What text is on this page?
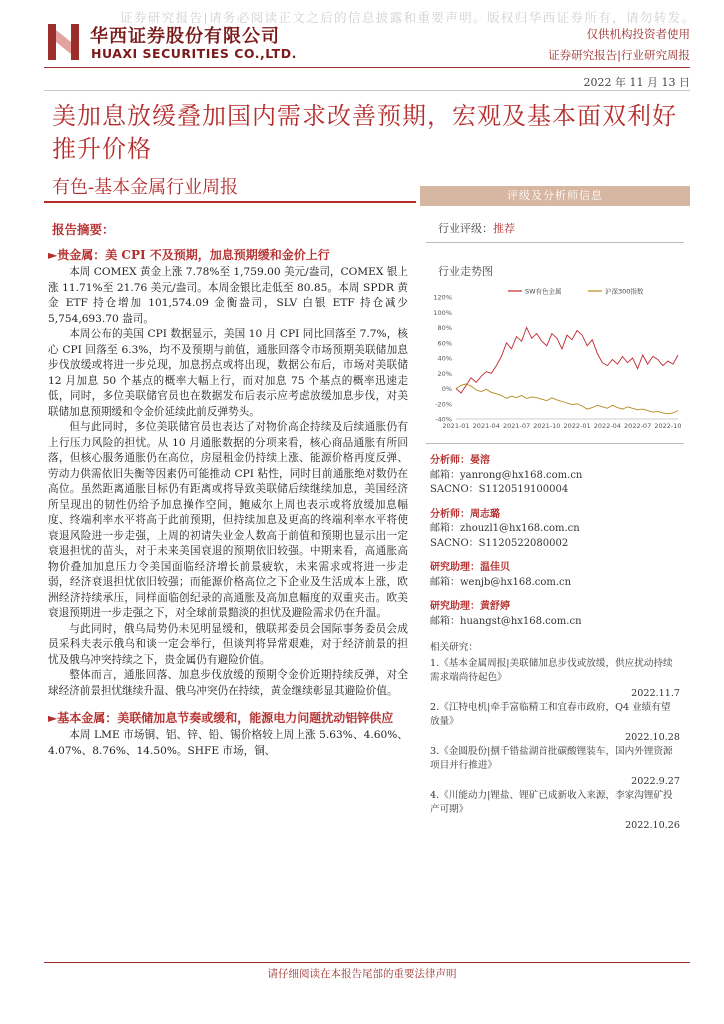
证券研究报告|请务必阅读正文之后的信息披露和重要声明。版权归华西证券所有，请勿转发。
华西证券股份有限公司
HUAXI SECURITIES CO.,LTD.
仅供机构投资者使用
证券研究报告|行业研究周报
2022 年 11 月 13 日
美加息放缓叠加国内需求改善预期，宏观及基本面双利好推升价格
有色-基本金属行业周报
报告摘要：
►贵金属：美 CPI 不及预期，加息预期缓和金价上行

本周 COMEX 黄金上涨 7.78%至 1,759.00 美元/盎司，COMEX 银上涨 11.71%至 21.76 美元/盎司。本周金银比走低至 80.85。本周 SPDR 黄金 ETF 持仓增加 101,574.09 金衡盎司，SLV 白银 ETF 持仓减少 5,754,693.70 盎司。

本周公布的美国 CPI 数据显示，美国 10 月 CPI 同比回落至 7.7%，核心 CPI 回落至 6.3%，均不及预期与前值，通胀回落令市场预期美联储加息步伐放缓或将进一步兑现，加息拐点或将出现，数据公布后，市场对美联储 12 月加息 50 个基点的概率大幅上行，而对加息 75 个基点的概率迅速走低，同时，多位美联储官员也在数据发布后表示应考虑放缓加息步伐，对美联储加息预期缓和令金价延续此前反弹势头。

但与此同时，多位美联储官员也表达了对物价高企持续及后续通胀仍有上行压力风险的担忧。从 10 月通胀数据的分项来看，核心商品通胀有所回落，但核心服务通胀仍在高位，房屋租金仍持续上涨、能源价格再度反弹、劳动力供需依旧失衡等因素仍可能推动 CPI 粘性，同时目前通胀绝对数仍在高位。虽然距离通胀目标仍有距离或将导致美联储后续继续加息，美国经济所呈现出的韧性仍给予加息操作空间，鲍威尔上周也表示或将放缓加息幅度、终端利率水平将高于此前预期，但持续加息及更高的终端利率水平将使衰退风险进一步走强，上周的初请失业金人数高于前值和预期也显示出一定衰退担忧的苗头，对于未来美国衰退的预期依旧较强。中期来看，高通胀高物价叠加加息压力令美国面临经济增长前景疲软，未来需求或将进一步走弱，经济衰退担忧依旧较强；而能源价格高位之下企业及生活成本上涨，欧洲经济持续承压，同样面临创纪录的高通胀及高加息幅度的双重夹击。欧美衰退预期进一步走强之下，对全球前景黯淡的担忧及避险需求仍在升温。

与此同时，俄乌局势仍未见明显缓和，俄联邦委员会国际事务委员会成员采科夫表示俄乌和谈一定会举行，但谈判将异常艰难，对于经济前景的担忧及俄乌冲突持续之下，贵金属仍有避险价值。

整体而言，通胀回落、加息步伐放缓的预期令金价近期持续反弹，对全球经济前景担忧继续升温、俄乌冲突仍在持续，黄金继续彰显其避险价值。

►基本金属：美联储加息节奏或缓和，能源电力问题扰动铝锌供应

本周 LME 市场铜、铝、锌、铅、锡价格较上周上涨 5.63%、4.60%、4.07%、8.76%、14.50%。SHFE 市场，铜、

评级及分析师信息
行业评级：推荐
行业走势图
120%
100%
80%
60%
40%
20%
0%
-20%
-40%
2021-01 2021-04 2021-07 2021-10 2022-01 2022-04 2022-07 2022-10
SW有色金属	沪深300指数
分析师：晏溶
邮箱：yanrong@hx168.com.cn
SACNO：S1120519100004
分析师：周志璐
邮箱：zhouzl1@hx168.com.cn
SACNO：S1120522080002
研究助理：温佳贝
邮箱：wenjb@hx168.com.cn
研究助理：黄舒婷
邮箱：huangst@hx168.com.cn
相关研究：
1.《基本金属周报|美联储加息步伐或放缓，供应扰动持续需求端尚待起色》
2022.11.7
2.《江特电机|牵手富临精工和宜春市政府，Q4 业绩有望放量》
2022.10.28
3.《金圆股份|捌千错盐湖首批碳酸锂装车，国内外锂资源项目并行推进》
2022.9.27
4.《川能动力|锂盐、锂矿已成新收入来源，李家沟锂矿投产可期》
2022.10.26
请仔细阅读在本报告尾部的重要法律声明
